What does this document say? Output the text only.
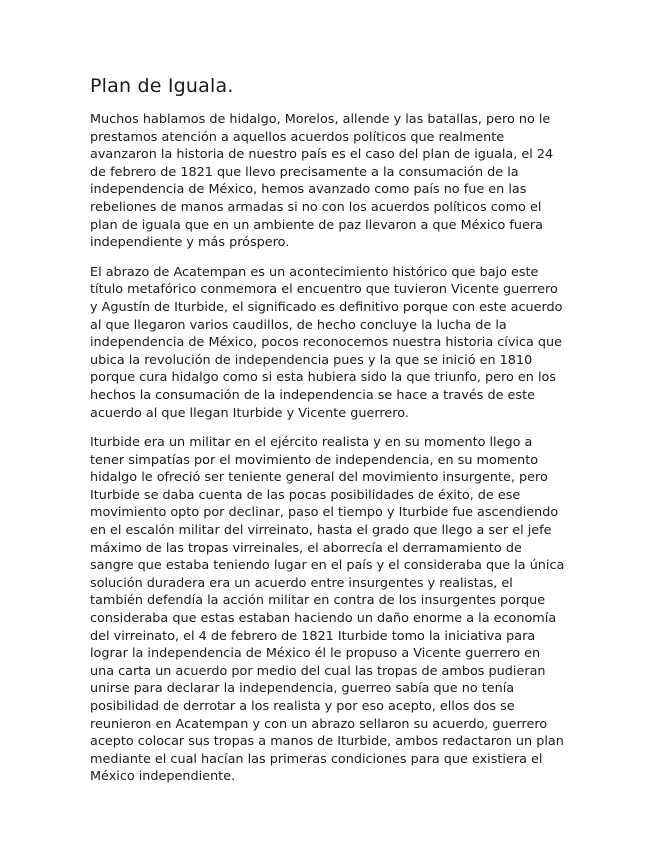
Plan de Iguala.

Muchos hablamos de hidalgo, Morelos, allende y las batallas, pero no le prestamos atención a aquellos acuerdos políticos que realmente avanzaron la historia de nuestro país es el caso del plan de iguala, el 24 de febrero de 1821 que llevo precisamente a la consumación de la independencia de México, hemos avanzado como país no fue en las rebeliones de manos armadas si no con los acuerdos políticos como el plan de iguala que en un ambiente de paz llevaron a que México fuera independiente y más próspero.

El abrazo de Acatempan es un acontecimiento histórico que bajo este título metafórico conmemora el encuentro que tuvieron Vicente guerrero y Agustín de Iturbide, el significado es definitivo porque con este acuerdo al que llegaron varios caudillos, de hecho concluye la lucha de la independencia de México, pocos reconocemos nuestra historia cívica que ubica la revolución de independencia pues y la que se inició en 1810 porque cura hidalgo como si esta hubiera sido la que triunfo, pero en los hechos la consumación de la independencia se hace a través de este acuerdo al que llegan Iturbide y Vicente guerrero.

Iturbide era un militar en el ejército realista y en su momento llego a tener simpatías por el movimiento de independencia, en su momento hidalgo le ofreció ser teniente general del movimiento insurgente, pero Iturbide se daba cuenta de las pocas posibilidades de éxito, de ese movimiento opto por declinar, paso el tiempo y Iturbide fue ascendiendo en el escalón militar del virreinato, hasta el grado que llego a ser el jefe máximo de las tropas virreinales, el aborrecía el derramamiento de sangre que estaba teniendo lugar en el país y el consideraba que la única solución duradera era un acuerdo entre insurgentes y realistas, el también defendía la acción militar en contra de los insurgentes porque consideraba que estas estaban haciendo un daño enorme a la economía del virreinato, el 4 de febrero de 1821 Iturbide tomo la iniciativa para lograr la independencia de México él le propuso a Vicente guerrero en una carta un acuerdo por medio del cual las tropas de ambos pudieran unirse para declarar la independencia, guerreo sabía que no tenía posibilidad de derrotar a los realista y por eso acepto, ellos dos se reunieron en Acatempan y con un abrazo sellaron su acuerdo, guerrero acepto colocar sus tropas a manos de Iturbide, ambos redactaron un plan mediante el cual hacían las primeras condiciones para que existiera el México independiente.
